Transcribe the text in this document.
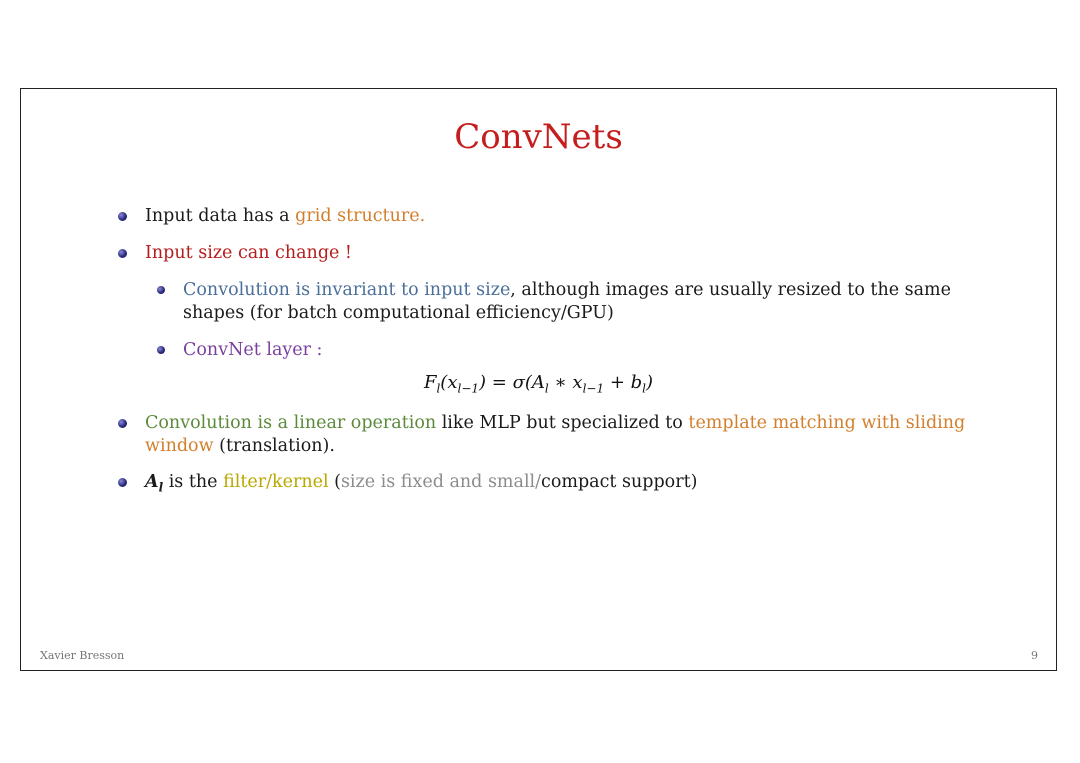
ConvNets
Input data has a grid structure.
Input size can change !
Convolution is invariant to input size, although images are usually resized to the same
shapes (for batch computational efficiency/GPU)
ConvNet layer :
$F_l(x_{l-1}) = \sigma(A_l$ ∗ $x_{l-1} + b_l$)
Convolution is a linear operation like MLP but specialized to template matching with sliding
window (translation).
$A_l$ is the filter/kernel (size is fixed and small/compact support)
Xavier Bresson	9
